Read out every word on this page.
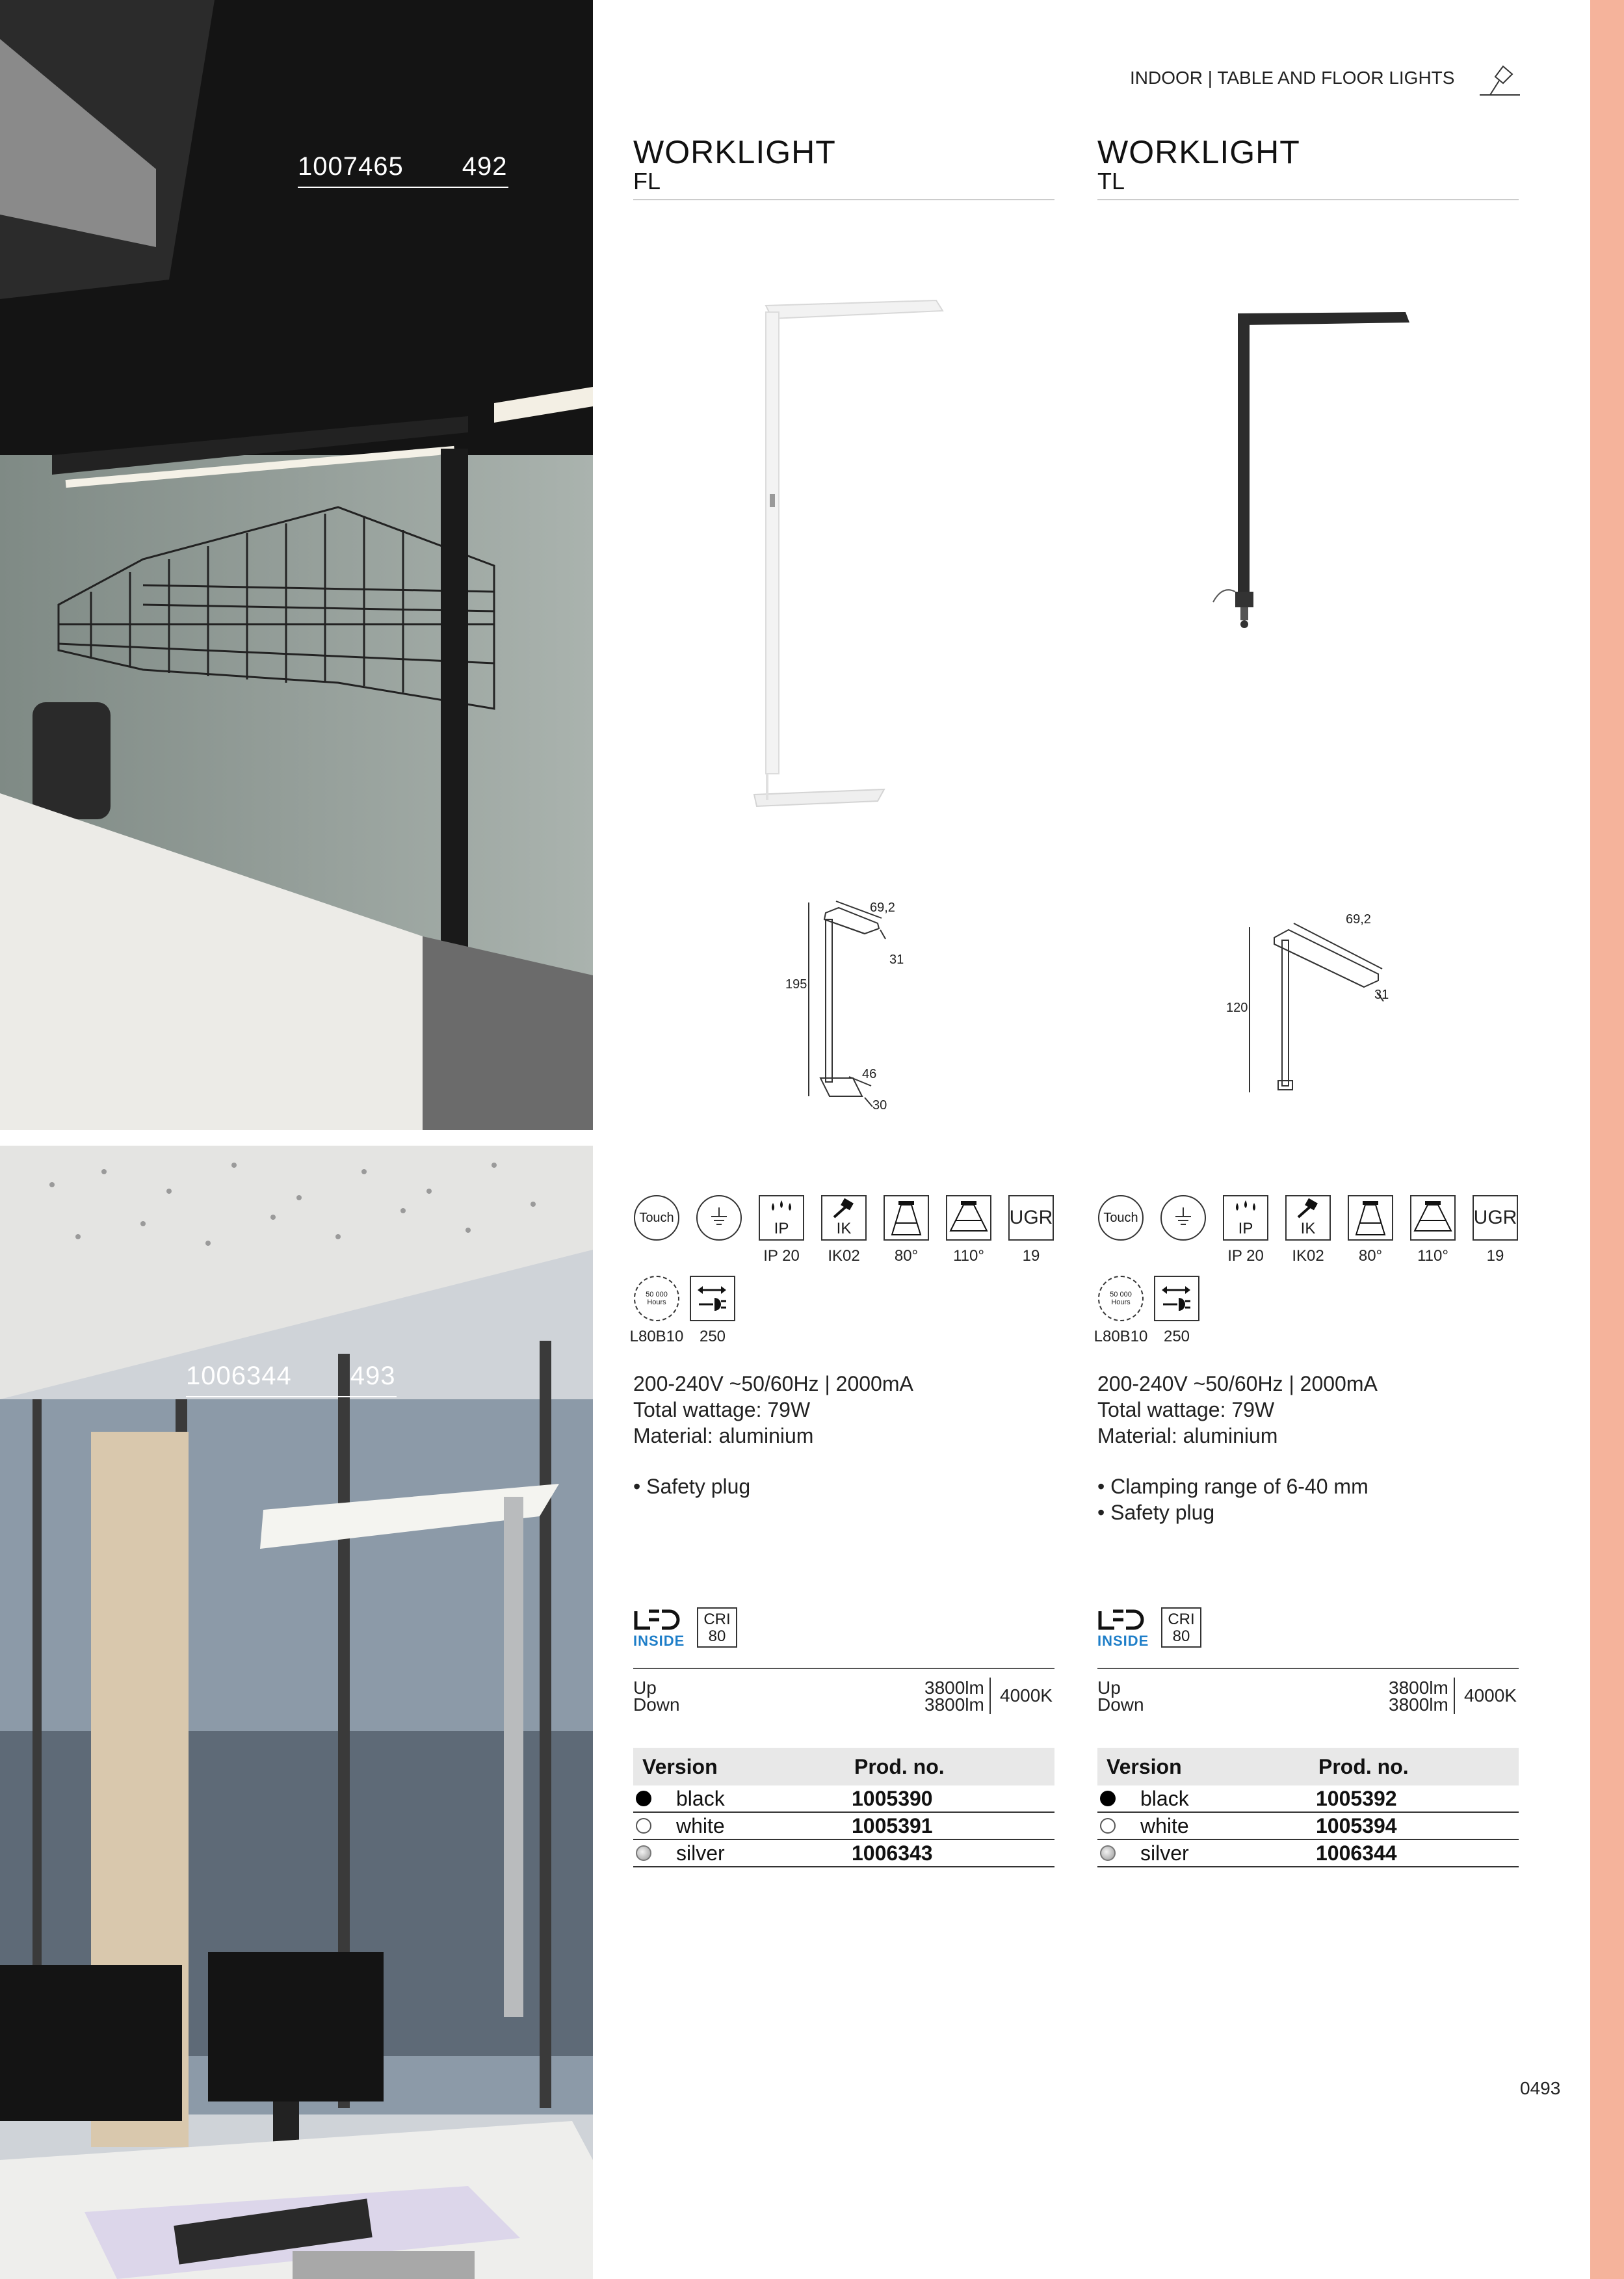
1007465 492
1006344 493
INDOOR | TABLE AND FLOOR LIGHTS
WORKLIGHT
FL
69,2
31
195
46
30
Touch
IP
IP 20
IK
IK02 80° 110°
UGR
19
50 000 Hours
L80B10 250

200-240V ~50/60Hz | 2000mA

Total wattage: 79W

Material: aluminium

• Safety plug
INSIDE
CRI
80
Up
Down
3800lm
3800lm 4000K
Version	Prod. no.
black	1005390
white	1005391
silver	1006343
WORKLIGHT
TL
69,2
31
120
Touch
IP
IP 20
IK
IK02 80° 110°
UGR
19
50 000 Hours
L80B10 250

200-240V ~50/60Hz | 2000mA

Total wattage: 79W

Material: aluminium

• Clamping range of 6-40 mm
• Safety plug
INSIDE
CRI
80
Up
Down
3800lm
3800lm 4000K
Version	Prod. no.
black	1005392
white	1005394
silver	1006344
0493
